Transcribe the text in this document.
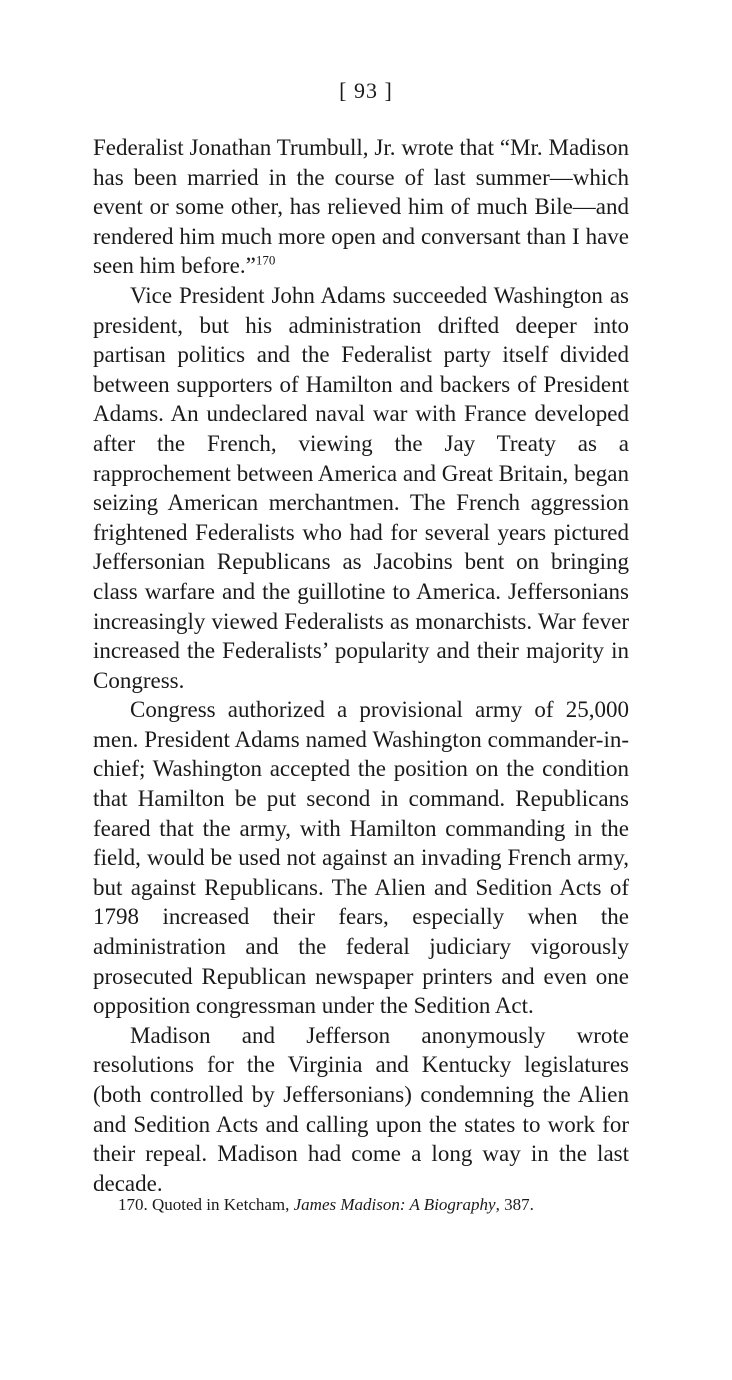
[ 93 ]

Federalist Jonathan Trumbull, Jr. wrote that “Mr. Madison has been married in the course of last summer—which event or some other, has relieved him of much Bile—and rendered him much more open and conversant than I have seen him before.”$^{170}$

Vice President John Adams succeeded Washington as president, but his administration drifted deeper into partisan politics and the Federalist party itself divided between supporters of Hamilton and backers of President Adams. An undeclared naval war with France developed after the French, viewing the Jay Treaty as a rapprochement between America and Great Britain, began seizing American merchantmen. The French aggression frightened Federalists who had for several years pictured Jeffersonian Republicans as Jacobins bent on bringing class warfare and the guillotine to America. Jeffersonians increasingly viewed Federalists as monarchists. War fever increased the Federalists’ popularity and their majority in Congress.

Congress authorized a provisional army of 25,000 men. President Adams named Washington commander-in-chief; Washington accepted the position on the condition that Hamilton be put second in command. Republicans feared that the army, with Hamilton commanding in the field, would be used not against an invading French army, but against Republicans. The Alien and Sedition Acts of 1798 increased their fears, especially when the administration and the federal judiciary vigorously prosecuted Republican newspaper printers and even one opposition congressman under the Sedition Act.

Madison and Jefferson anonymously wrote resolutions for the Virginia and Kentucky legislatures (both controlled by Jeffersonians) condemning the Alien and Sedition Acts and calling upon the states to work for their repeal. Madison had come a long way in the last decade.

170. Quoted in Ketcham, James Madison: A Biography, 387.
